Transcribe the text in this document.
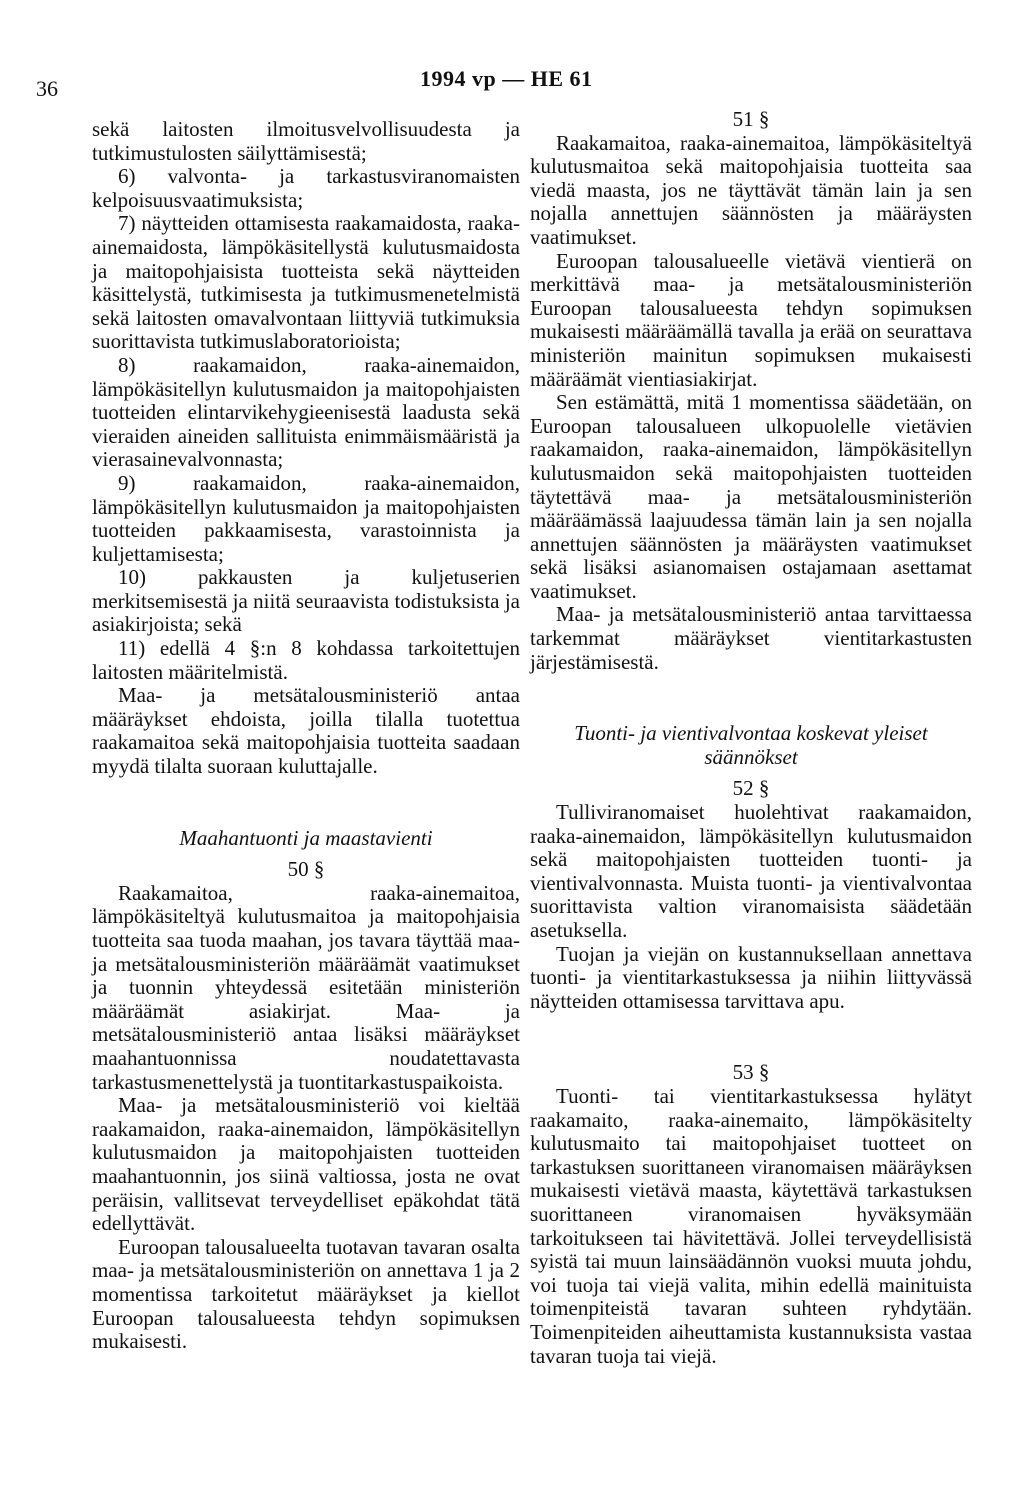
36	1994 vp — HE 61

sekä laitosten ilmoitusvelvollisuudesta ja tutkimustulosten säilyttämisestä;

6) valvonta- ja tarkastusviranomaisten kelpoisuusvaatimuksista;

7) näytteiden ottamisesta raakamaidosta, raaka-ainemaidosta, lämpökäsitellystä kulutusmaidosta ja maitopohjaisista tuotteista sekä näytteiden käsittelystä, tutkimisesta ja tutkimusmenetelmistä sekä laitosten omavalvontaan liittyviä tutkimuksia suorittavista tutkimuslaboratorioista;

8) raakamaidon, raaka-ainemaidon, lämpökäsitellyn kulutusmaidon ja maitopohjaisten tuotteiden elintarvikehygieenisestä laadusta sekä vieraiden aineiden sallituista enimmäismääristä ja vierasainevalvonnasta;

9) raakamaidon, raaka-ainemaidon, lämpökäsitellyn kulutusmaidon ja maitopohjaisten tuotteiden pakkaamisesta, varastoinnista ja kuljettamisesta;

10) pakkausten ja kuljetuserien merkitsemisestä ja niitä seuraavista todistuksista ja asiakirjoista; sekä

11) edellä 4 §:n 8 kohdassa tarkoitettujen laitosten määritelmistä.

Maa- ja metsätalousministeriö antaa määräykset ehdoista, joilla tilalla tuotettua raakamaitoa sekä maitopohjaisia tuotteita saadaan myydä tilalta suoraan kuluttajalle.

Maahantuonti ja maastavienti

50 §

Raakamaitoa, raaka-ainemaitoa, lämpökäsiteltyä kulutusmaitoa ja maitopohjaisia tuotteita saa tuoda maahan, jos tavara täyttää maa- ja metsätalousministeriön määräämät vaatimukset ja tuonnin yhteydessä esitetään ministeriön määräämät asiakirjat. Maa- ja metsätalousministeriö antaa lisäksi määräykset maahantuonnissa noudatettavasta tarkastusmenettelystä ja tuontitarkastuspaikoista.

Maa- ja metsätalousministeriö voi kieltää raakamaidon, raaka-ainemaidon, lämpökäsitellyn kulutusmaidon ja maitopohjaisten tuotteiden maahantuonnin, jos siinä valtiossa, josta ne ovat peräisin, vallitsevat terveydelliset epäkohdat tätä edellyttävät.

Euroopan talousalueelta tuotavan tavaran osalta maa- ja metsätalousministeriön on annettava 1 ja 2 momentissa tarkoitetut määräykset ja kiellot Euroopan talousalueesta tehdyn sopimuksen mukaisesti.

51 §

Raakamaitoa, raaka-ainemaitoa, lämpökäsiteltyä kulutusmaitoa sekä maitopohjaisia tuotteita saa viedä maasta, jos ne täyttävät tämän lain ja sen nojalla annettujen säännösten ja määräysten vaatimukset.

Euroopan talousalueelle vietävä vientierä on merkittävä maa- ja metsätalousministeriön Euroopan talousalueesta tehdyn sopimuksen mukaisesti määräämällä tavalla ja erää on seurattava ministeriön mainitun sopimuksen mukaisesti määräämät vientiasiakirjat.

Sen estämättä, mitä 1 momentissa säädetään, on Euroopan talousalueen ulkopuolelle vietävien raakamaidon, raaka-ainemaidon, lämpökäsitellyn kulutusmaidon sekä maitopohjaisten tuotteiden täytettävä maa- ja metsätalousministeriön määräämässä laajuudessa tämän lain ja sen nojalla annettujen säännösten ja määräysten vaatimukset sekä lisäksi asianomaisen ostajamaan asettamat vaatimukset.

Maa- ja metsätalousministeriö antaa tarvittaessa tarkemmat määräykset vientitarkastusten järjestämisestä.

Tuonti- ja vientivalvontaa koskevat yleiset säännökset

52 §

Tulliviranomaiset huolehtivat raakamaidon, raaka-ainemaidon, lämpökäsitellyn kulutusmaidon sekä maitopohjaisten tuotteiden tuonti- ja vientivalvonnasta. Muista tuonti- ja vientivalvontaa suorittavista valtion viranomaisista säädetään asetuksella.

Tuojan ja viejän on kustannuksellaan annettava tuonti- ja vientitarkastuksessa ja niihin liittyvässä näytteiden ottamisessa tarvittava apu.

53 §

Tuonti- tai vientitarkastuksessa hylätyt raakamaito, raaka-ainemaito, lämpökäsitelty kulutusmaito tai maitopohjaiset tuotteet on tarkastuksen suorittaneen viranomaisen määräyksen mukaisesti vietävä maasta, käytettävä tarkastuksen suorittaneen viranomaisen hyväksymään tarkoitukseen tai hävitettävä. Jollei terveydellisistä syistä tai muun lainsäädännön vuoksi muuta johdu, voi tuoja tai viejä valita, mihin edellä mainituista toimenpiteistä tavaran suhteen ryhdytään. Toimenpiteiden aiheuttamista kustannuksista vastaa tavaran tuoja tai viejä.
